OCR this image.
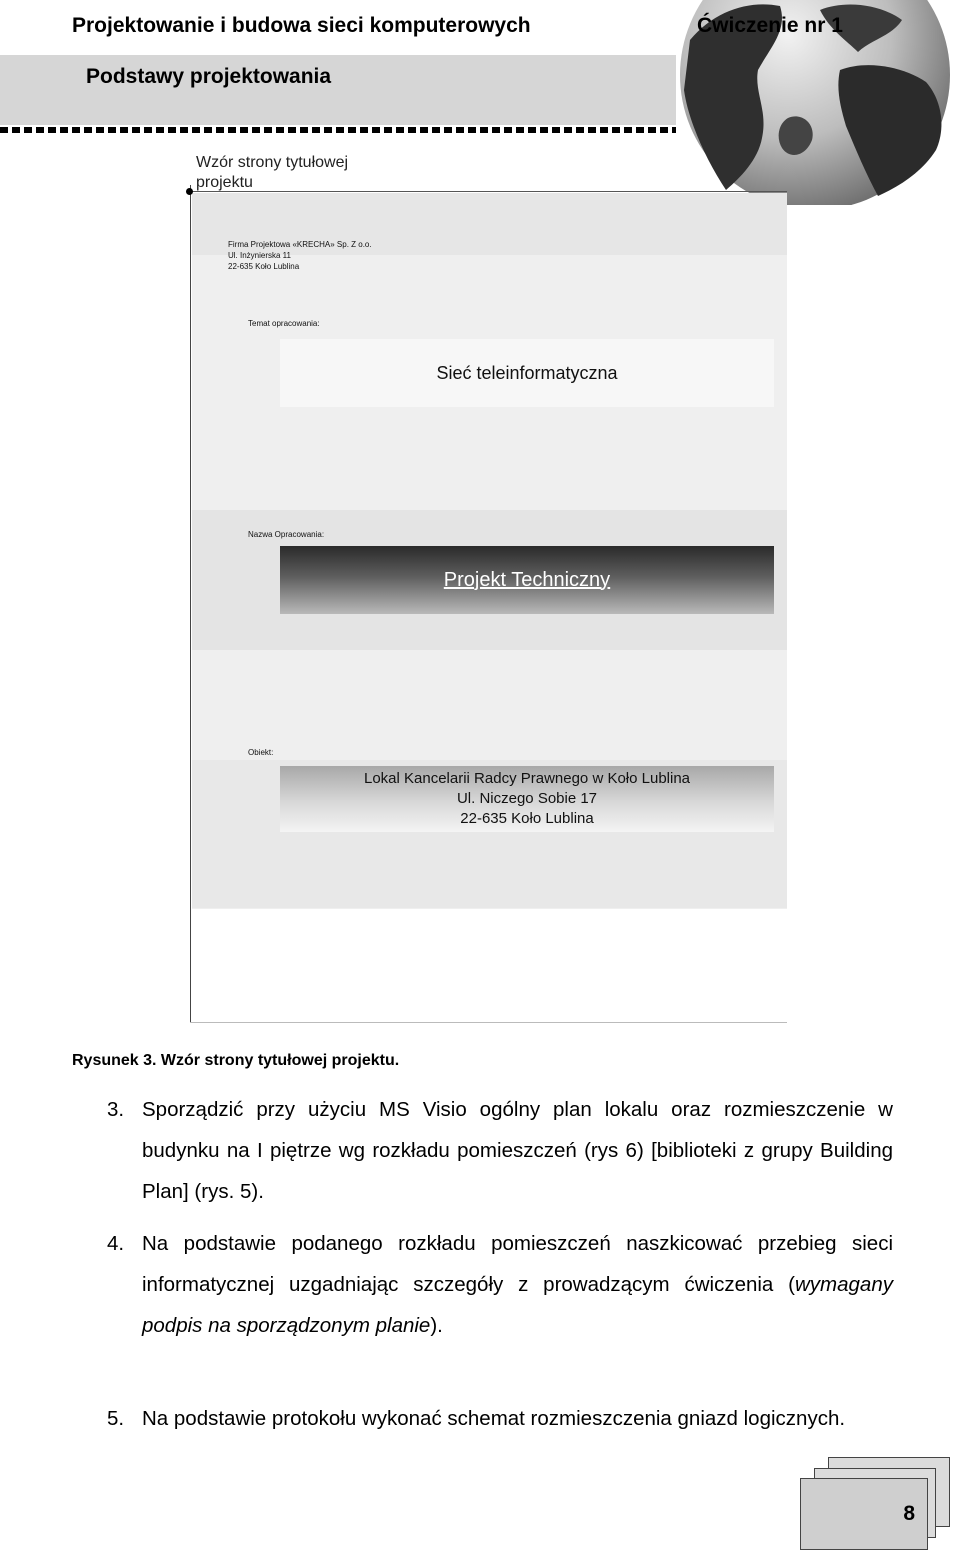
Projektowanie i budowa sieci komputerowych	Ćwiczenie nr 1
Podstawy projektowania
Wzór strony tytułowej
projektu
Firma Projektowa «KRECHA» Sp. Z o.o.
Ul. Inżynierska 11
22-635 Koło Lublina
Temat opracowania:
Sieć teleinformatyczna
Nazwa Opracowania:
Projekt Techniczny
Obiekt:
Lokal Kancelarii Radcy Prawnego w Koło Lublina
Ul. Niczego Sobie 17
22-635 Koło Lublina
Rysunek 3. Wzór strony tytułowej projektu.
3. Sporządzić przy użyciu MS Visio ogólny plan lokalu oraz rozmieszczenie w budynku na I piętrze wg rozkładu pomieszczeń (rys 6) [biblioteki z grupy Building Plan] (rys. 5).
4. Na podstawie podanego rozkładu pomieszczeń naszkicować przebieg sieci informatycznej uzgadniając szczegóły z prowadzącym ćwiczenia (wymagany podpis na sporządzonym planie).
5. Na podstawie protokołu wykonać schemat rozmieszczenia gniazd logicznych.
8
